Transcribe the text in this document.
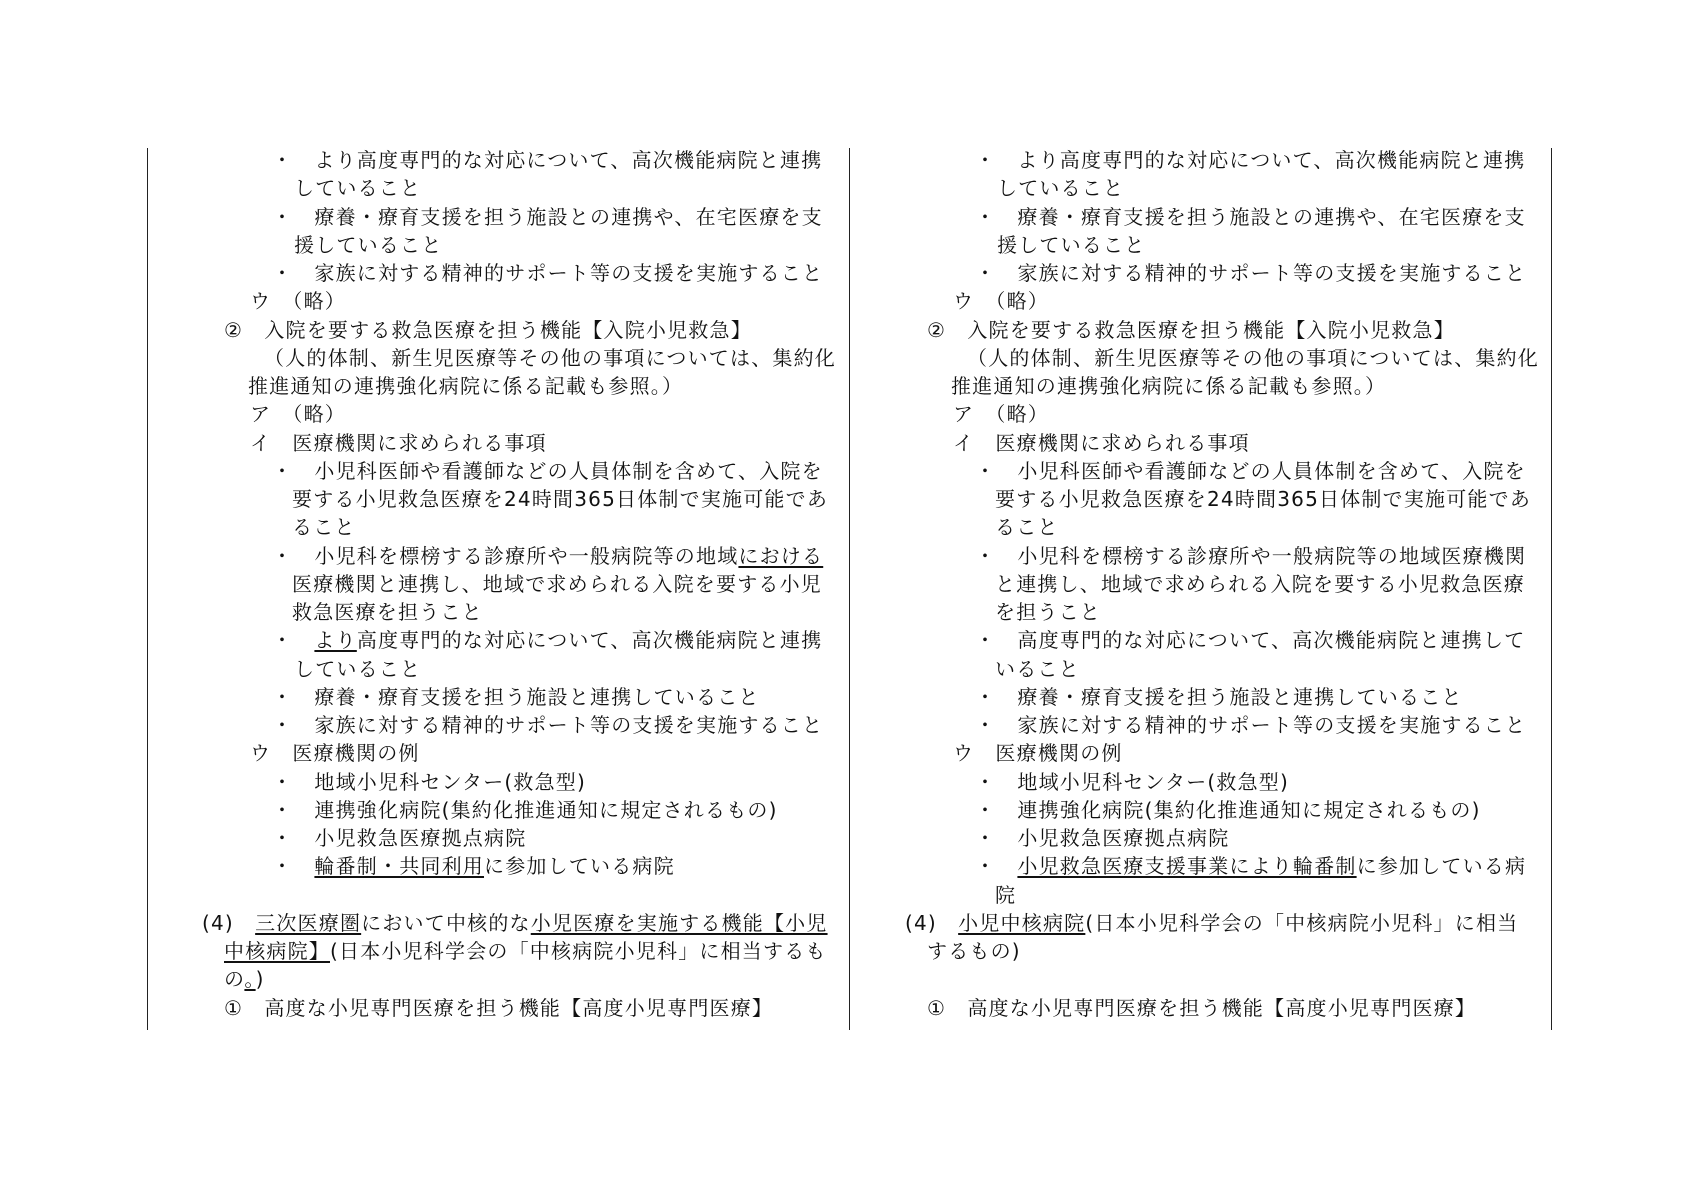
・　より高度専門的な対応について、高次機能病院と連携
していること
・　療養・療育支援を担う施設との連携や、在宅医療を支
援していること
・　家族に対する精神的サポート等の支援を実施すること
ウ　（略）
②　入院を要する救急医療を担う機能【入院小児救急】
（人的体制、新生児医療等その他の事項については、集約化
推進通知の連携強化病院に係る記載も参照。）
ア　（略）
イ　医療機関に求められる事項
・　小児科医師や看護師などの人員体制を含めて、入院を
要する小児救急医療を24時間365日体制で実施可能であ
ること
・　小児科を標榜する診療所や一般病院等の地域における
医療機関と連携し、地域で求められる入院を要する小児
救急医療を担うこと
・　より高度専門的な対応について、高次機能病院と連携
していること
・　療養・療育支援を担う施設と連携していること
・　家族に対する精神的サポート等の支援を実施すること
ウ　医療機関の例
・　地域小児科センター(救急型)
・　連携強化病院(集約化推進通知に規定されるもの)
・　小児救急医療拠点病院
・　輪番制・共同利用に参加している病院
(4)　三次医療圏において中核的な小児医療を実施する機能【小児
中核病院】(日本小児科学会の「中核病院小児科」に相当するも
の。)
①　高度な小児専門医療を担う機能【高度小児専門医療】
・　より高度専門的な対応について、高次機能病院と連携
していること
・　療養・療育支援を担う施設との連携や、在宅医療を支
援していること
・　家族に対する精神的サポート等の支援を実施すること
ウ　（略）
②　入院を要する救急医療を担う機能【入院小児救急】
（人的体制、新生児医療等その他の事項については、集約化
推進通知の連携強化病院に係る記載も参照。）
ア　（略）
イ　医療機関に求められる事項
・　小児科医師や看護師などの人員体制を含めて、入院を
要する小児救急医療を24時間365日体制で実施可能であ
ること
・　小児科を標榜する診療所や一般病院等の地域医療機関
と連携し、地域で求められる入院を要する小児救急医療
を担うこと
・　高度専門的な対応について、高次機能病院と連携して
いること
・　療養・療育支援を担う施設と連携していること
・　家族に対する精神的サポート等の支援を実施すること
ウ　医療機関の例
・　地域小児科センター(救急型)
・　連携強化病院(集約化推進通知に規定されるもの)
・　小児救急医療拠点病院
・　小児救急医療支援事業により輪番制に参加している病
院
(4)　小児中核病院(日本小児科学会の「中核病院小児科」に相当
するもの)
①　高度な小児専門医療を担う機能【高度小児専門医療】
